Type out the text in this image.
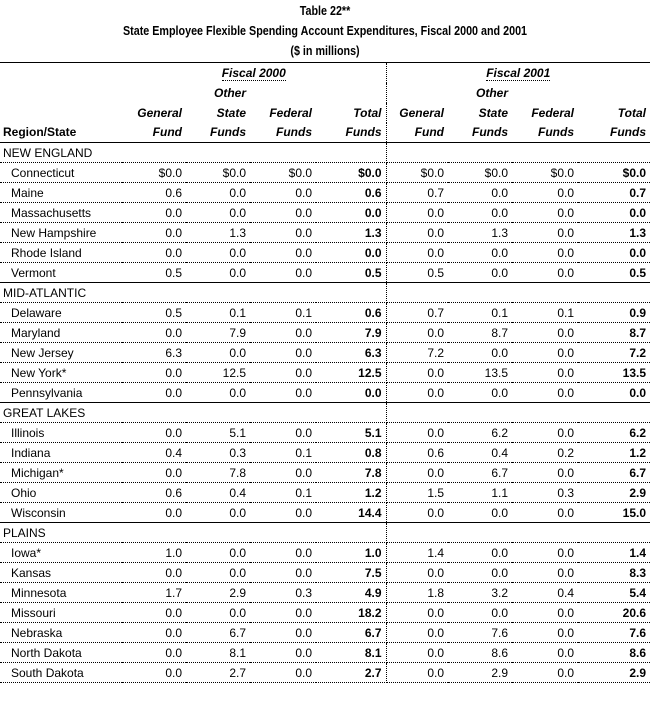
Table 22**
State Employee Flexible Spending Account Expenditures, Fiscal 2000 and 2001
($ in millions)
	Fiscal 2000				Fiscal 2001			
		Other				Other		
	General	State	Federal	Total	General	State	Federal	Total
Region/State	Fund	Funds	Funds	Funds	Fund	Funds	Funds	Funds
NEW ENGLAND								
Connecticut	$0.0	$0.0	$0.0	$0.0	$0.0	$0.0	$0.0	$0.0
Maine	0.6	0.0	0.0	0.6	0.7	0.0	0.0	0.7
Massachusetts	0.0	0.0	0.0	0.0	0.0	0.0	0.0	0.0
New Hampshire	0.0	1.3	0.0	1.3	0.0	1.3	0.0	1.3
Rhode Island	0.0	0.0	0.0	0.0	0.0	0.0	0.0	0.0
Vermont	0.5	0.0	0.0	0.5	0.5	0.0	0.0	0.5
MID-ATLANTIC								
Delaware	0.5	0.1	0.1	0.6	0.7	0.1	0.1	0.9
Maryland	0.0	7.9	0.0	7.9	0.0	8.7	0.0	8.7
New Jersey	6.3	0.0	0.0	6.3	7.2	0.0	0.0	7.2
New York*	0.0	12.5	0.0	12.5	0.0	13.5	0.0	13.5
Pennsylvania	0.0	0.0	0.0	0.0	0.0	0.0	0.0	0.0
GREAT LAKES								
Illinois	0.0	5.1	0.0	5.1	0.0	6.2	0.0	6.2
Indiana	0.4	0.3	0.1	0.8	0.6	0.4	0.2	1.2
Michigan*	0.0	7.8	0.0	7.8	0.0	6.7	0.0	6.7
Ohio	0.6	0.4	0.1	1.2	1.5	1.1	0.3	2.9
Wisconsin	0.0	0.0	0.0	14.4	0.0	0.0	0.0	15.0
PLAINS								
Iowa*	1.0	0.0	0.0	1.0	1.4	0.0	0.0	1.4
Kansas	0.0	0.0	0.0	7.5	0.0	0.0	0.0	8.3
Minnesota	1.7	2.9	0.3	4.9	1.8	3.2	0.4	5.4
Missouri	0.0	0.0	0.0	18.2	0.0	0.0	0.0	20.6
Nebraska	0.0	6.7	0.0	6.7	0.0	7.6	0.0	7.6
North Dakota	0.0	8.1	0.0	8.1	0.0	8.6	0.0	8.6
South Dakota	0.0	2.7	0.0	2.7	0.0	2.9	0.0	2.9
